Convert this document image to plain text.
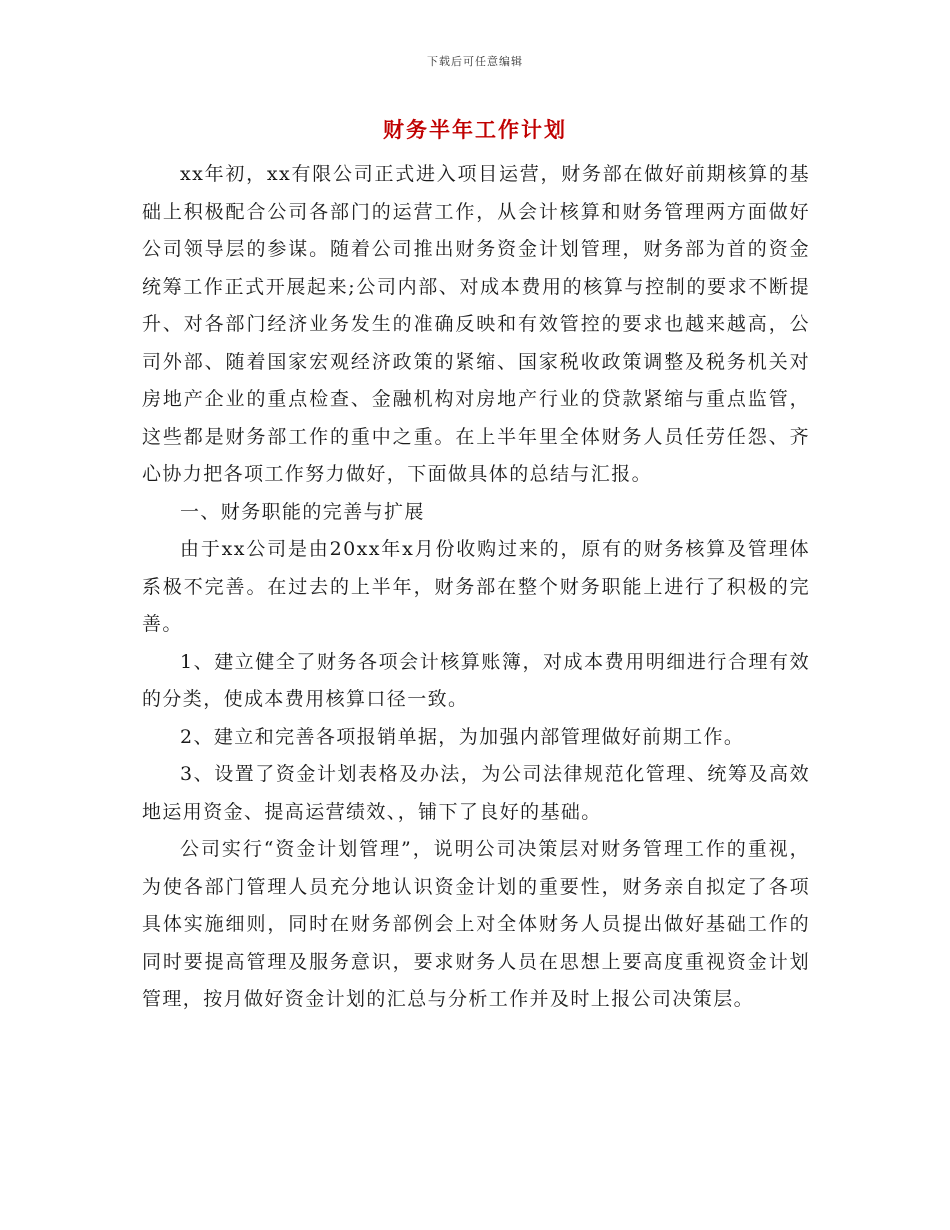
下载后可任意编辑
财务半年工作计划

xx年初，xx有限公司正式进入项目运营，财务部在做好前期核算的基础上积极配合公司各部门的运营工作，从会计核算和财务管理两方面做好公司领导层的参谋。随着公司推出财务资金计划管理，财务部为首的资金统筹工作正式开展起来;公司内部、对成本费用的核算与控制的要求不断提升、对各部门经济业务发生的准确反映和有效管控的要求也越来越高，公司外部、随着国家宏观经济政策的紧缩、国家税收政策调整及税务机关对房地产企业的重点检查、金融机构对房地产行业的贷款紧缩与重点监管，这些都是财务部工作的重中之重。在上半年里全体财务人员任劳任怨、齐心协力把各项工作努力做好，下面做具体的总结与汇报。

一、财务职能的完善与扩展

由于xx公司是由20xx年x月份收购过来的，原有的财务核算及管理体系极不完善。在过去的上半年，财务部在整个财务职能上进行了积极的完善。

1、建立健全了财务各项会计核算账簿，对成本费用明细进行合理有效的分类，使成本费用核算口径一致。

2、建立和完善各项报销单据，为加强内部管理做好前期工作。

3、设置了资金计划表格及办法，为公司法律规范化管理、统筹及高效地运用资金、提高运营绩效、，铺下了良好的基础。

公司实行“资金计划管理”，说明公司决策层对财务管理工作的重视，为使各部门管理人员充分地认识资金计划的重要性，财务亲自拟定了各项具体实施细则，同时在财务部例会上对全体财务人员提出做好基础工作的同时要提高管理及服务意识，要求财务人员在思想上要高度重视资金计划管理，按月做好资金计划的汇总与分析工作并及时上报公司决策层。
